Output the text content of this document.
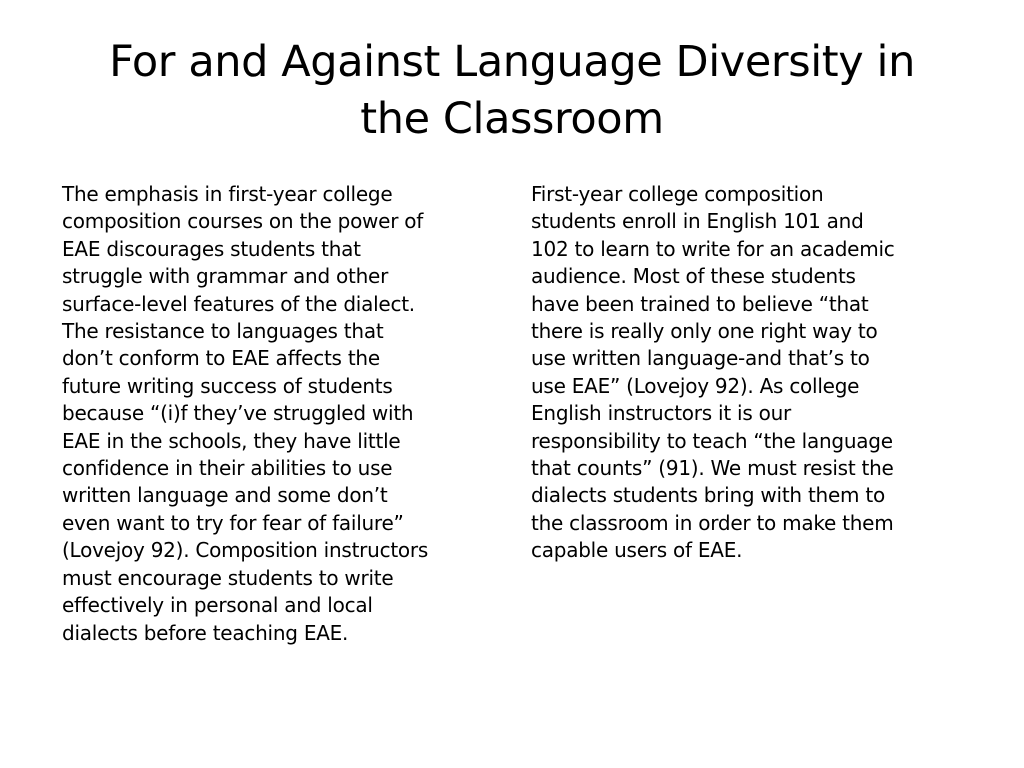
For and Against Language Diversity in
the Classroom
The emphasis in first-year college
composition courses on the power of
EAE discourages students that
struggle with grammar and other
surface-level features of the dialect.
The resistance to languages that
don’t conform to EAE affects the
future writing success of students
because “(i)f they’ve struggled with
EAE in the schools, they have little
confidence in their abilities to use
written language and some don’t
even want to try for fear of failure”
(Lovejoy 92). Composition instructors
must encourage students to write
effectively in personal and local
dialects before teaching EAE.
First-year college composition
students enroll in English 101 and
102 to learn to write for an academic
audience. Most of these students
have been trained to believe “that
there is really only one right way to
use written language-and that’s to
use EAE” (Lovejoy 92). As college
English instructors it is our
responsibility to teach “the language
that counts” (91). We must resist the
dialects students bring with them to
the classroom in order to make them
capable users of EAE.
